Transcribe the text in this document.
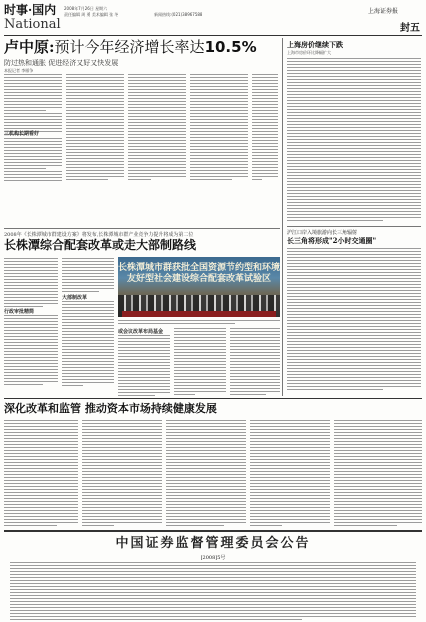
时事·国内
National
2008年7月26日 星期六
责任编辑 周 勇 美术编辑 张 冬	新闻热线:(021)38967588	上海证券报
封五
卢中原:预计今年经济增长率达10.5%
防过热和通胀 促进经济又好又快发展
本报记者 李雁争
三机构长期看好
上海房价继续下跌
上海市房价环比降幅扩大
沪江口岸入境旅游向长三角辐射
长三角将形成"2小时交通圈"
2008年《长株潭城市群建设方案》将发布,长株潭城市群产业竞争力提升将成为第二位
长株潭综合配套改革或走大部制路线
行政审批精简
大部制改革
长株潭城市群获批全国资源节约型和环境友好型社会建设综合配套改革试验区
或会议改革布局基金
深化改革和监管 推动资本市场持续健康发展
中国证券监督管理委员会公告
[2008]5号
